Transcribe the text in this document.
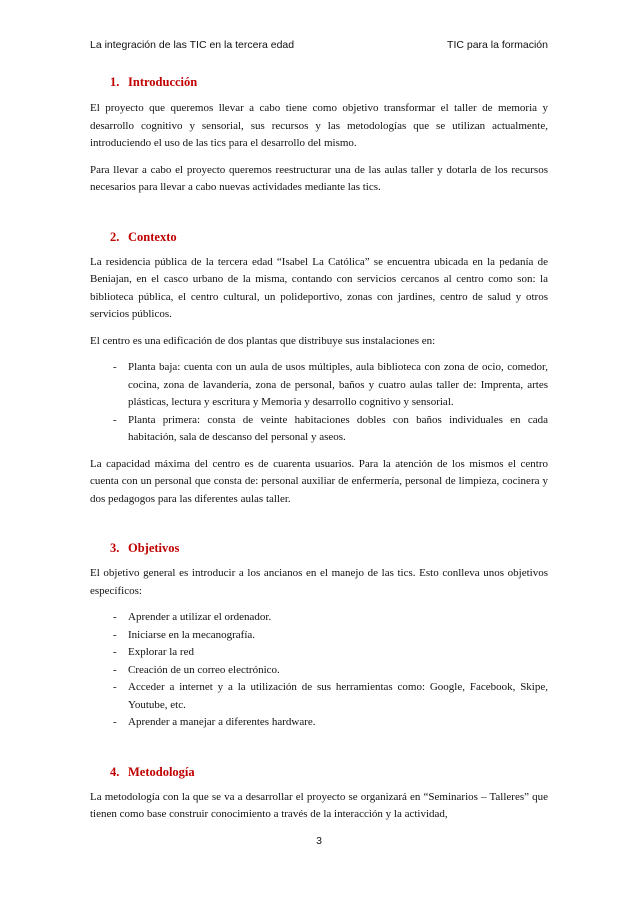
La integración de las TIC en la tercera edad	TIC para la formación
1. Introducción

El proyecto que queremos llevar a cabo tiene como objetivo transformar el taller de memoria y desarrollo cognitivo y sensorial, sus recursos y las metodologías que se utilizan actualmente, introduciendo el uso de las tics para el desarrollo del mismo.

Para llevar a cabo el proyecto queremos reestructurar una de las aulas taller y dotarla de los recursos necesarios para llevar a cabo nuevas actividades mediante las tics.

2. Contexto

La residencia pública de la tercera edad “Isabel La Católica” se encuentra ubicada en la pedanía de Beniajan, en el casco urbano de la misma, contando con servicios cercanos al centro como son: la biblioteca pública, el centro cultural, un polideportivo, zonas con jardines, centro de salud y otros servicios públicos.

El centro es una edificación de dos plantas que distribuye sus instalaciones en:

- Planta baja: cuenta con un aula de usos múltiples, aula biblioteca con zona de ocio, comedor, cocina, zona de lavandería, zona de personal, baños y cuatro aulas taller de: Imprenta, artes plásticas, lectura y escritura y Memoria y desarrollo cognitivo y sensorial.
- Planta primera: consta de veinte habitaciones dobles con baños individuales en cada habitación, sala de descanso del personal y aseos.

La capacidad máxima del centro es de cuarenta usuarios. Para la atención de los mismos el centro cuenta con un personal que consta de: personal auxiliar de enfermería, personal de limpieza, cocinera y dos pedagogos para las diferentes aulas taller.

3. Objetivos

El objetivo general es introducir a los ancianos en el manejo de las tics. Esto conlleva unos objetivos específicos:

- Aprender a utilizar el ordenador.
- Iniciarse en la mecanografía.
- Explorar la red
- Creación de un correo electrónico.
- Acceder a internet y a la utilización de sus herramientas como: Google, Facebook, Skipe, Youtube, etc.
- Aprender a manejar a diferentes hardware.
4. Metodología

La metodología con la que se va a desarrollar el proyecto se organizará en “Seminarios – Talleres” que tienen como base construir conocimiento a través de la interacción y la actividad,

3
